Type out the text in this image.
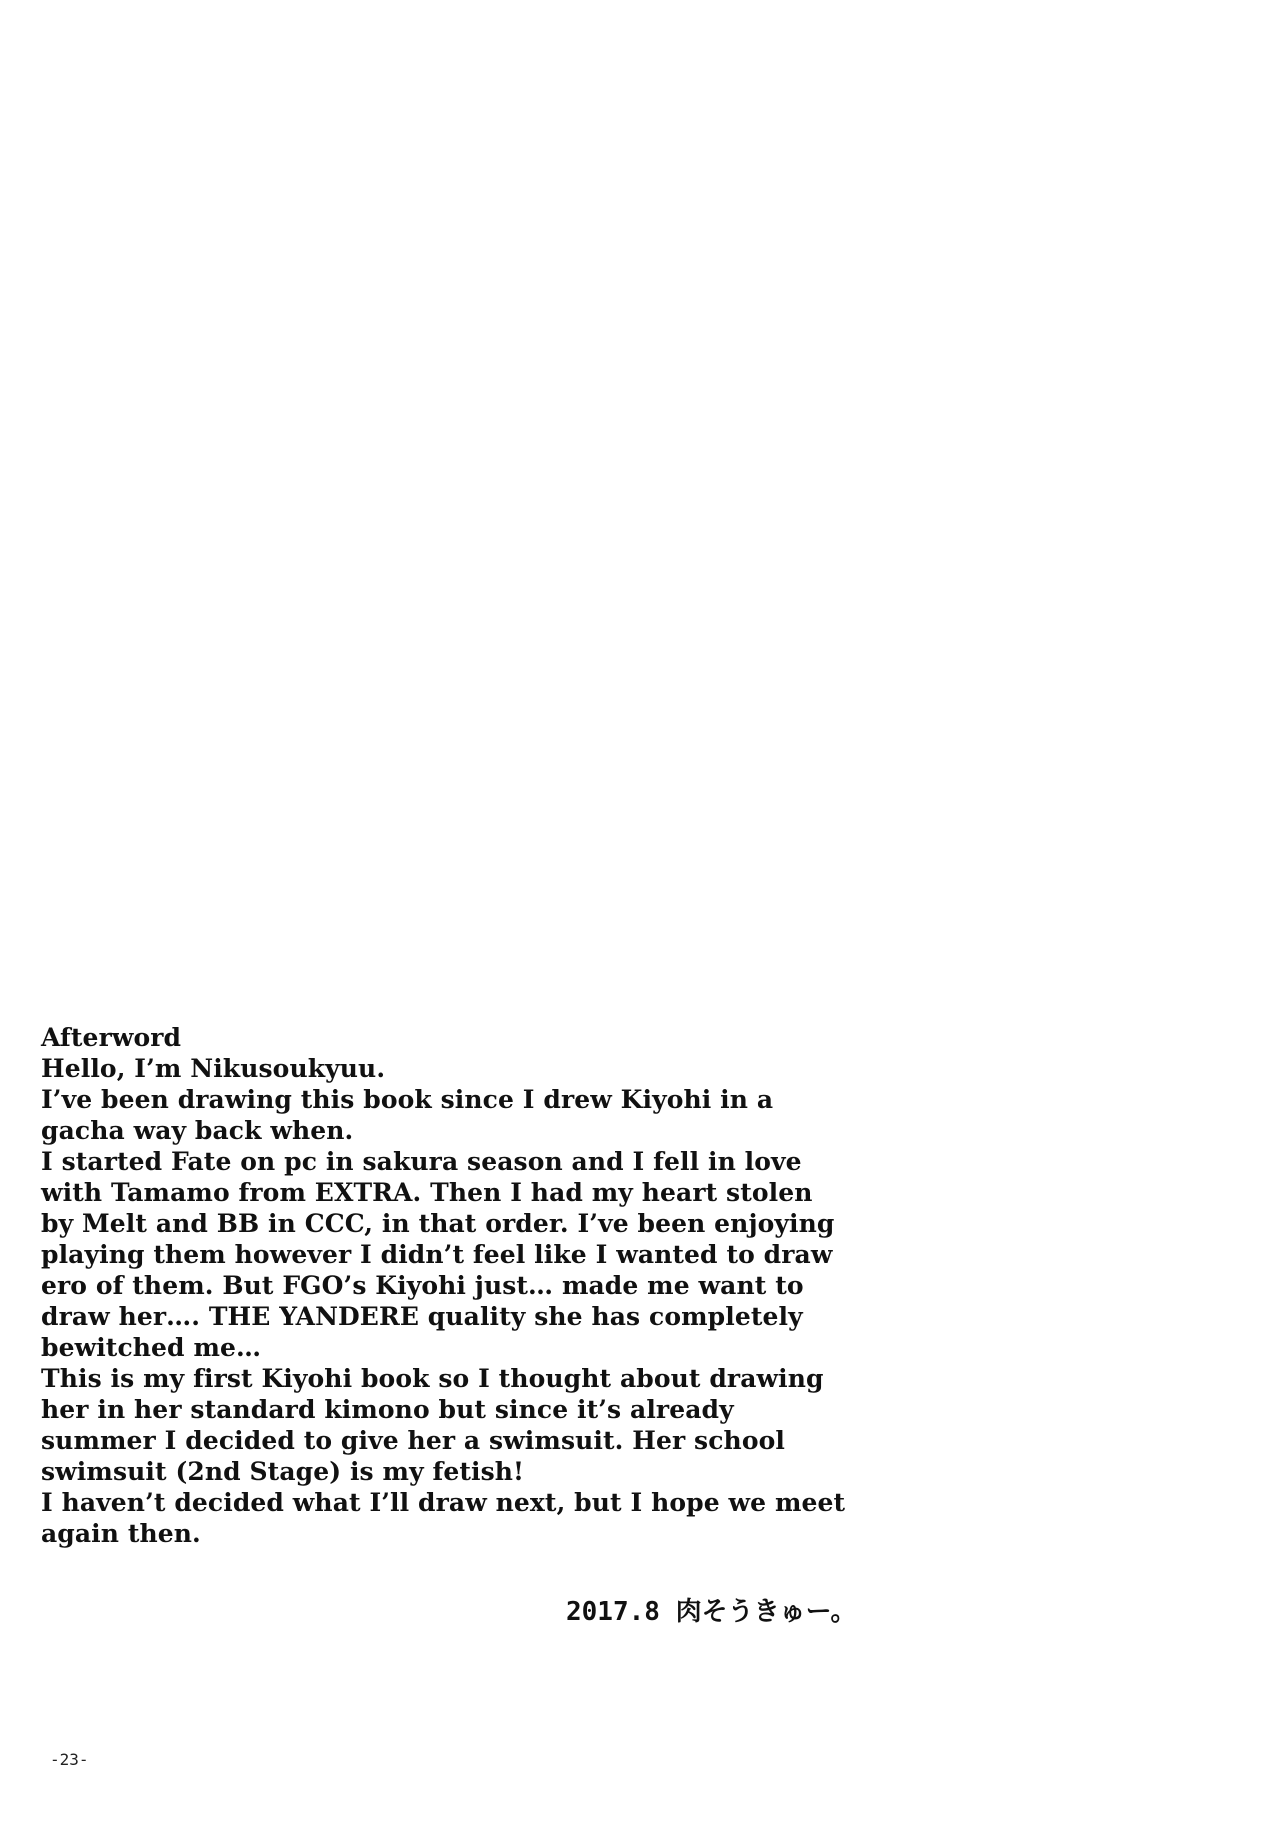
Afterword
Hello, I’m Nikusoukyuu.
I’ve been drawing this book since I drew Kiyohi in a
gacha way back when.
I started Fate on pc in sakura season and I fell in love
with Tamamo from EXTRA. Then I had my heart stolen
by Melt and BB in CCC, in that order. I’ve been enjoying
playing them however I didn’t feel like I wanted to draw
ero of them. But FGO’s Kiyohi just… made me want to
draw her…. THE YANDERE quality she has completely
bewitched me…
This is my first Kiyohi book so I thought about drawing
her in her standard kimono but since it’s already
summer I decided to give her a swimsuit. Her school
swimsuit (2nd Stage) is my fetish!
I haven’t decided what I’ll draw next, but I hope we meet
again then.
2017.8 肉そうきゅー。
-23-
